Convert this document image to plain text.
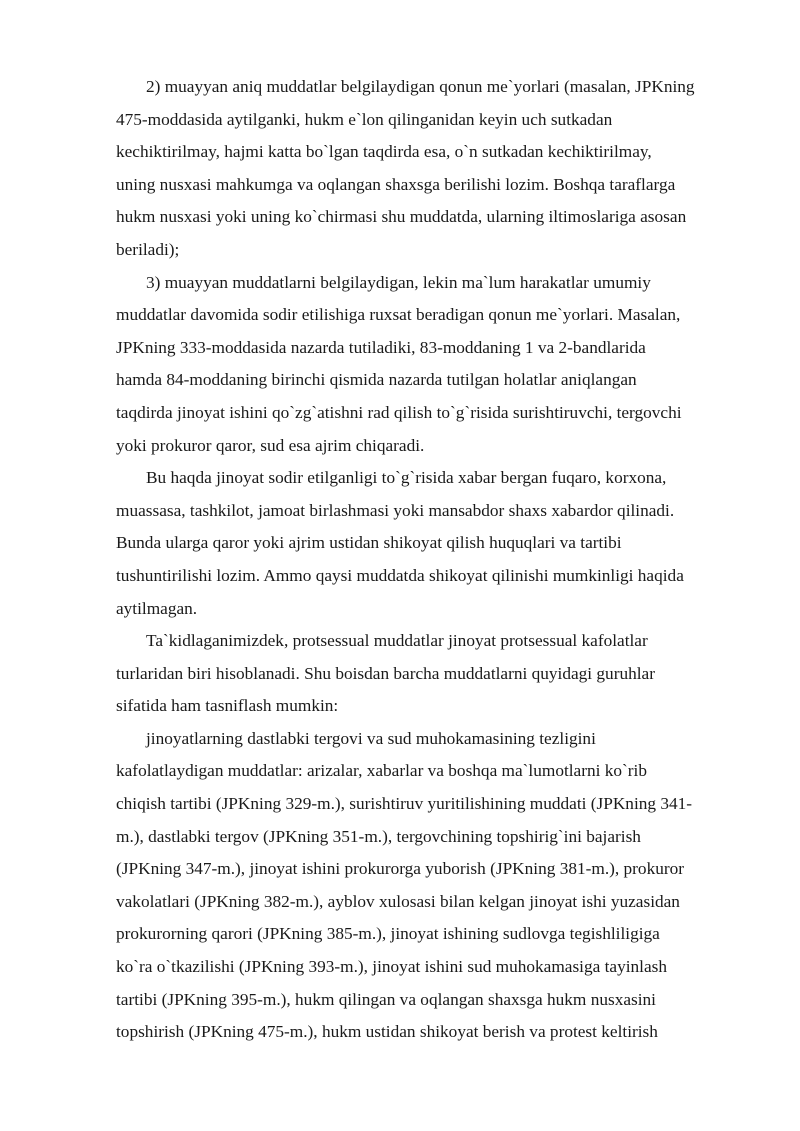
2) muayyan aniq muddatlar belgilaydigan qonun me`yorlari (masalan, JPKning
475-moddasida aytilganki, hukm e`lon qilinganidan keyin uch sutkadan
kechiktirilmay, hajmi katta bo`lgan taqdirda esa, o`n sutkadan kechiktirilmay,
uning nusxasi mahkumga va oqlangan shaxsga berilishi lozim. Boshqa taraflarga
hukm nusxasi yoki uning ko`chirmasi shu muddatda, ularning iltimoslariga asosan
beriladi);
3) muayyan muddatlarni belgilaydigan, lekin ma`lum harakatlar umumiy
muddatlar davomida sodir etilishiga ruxsat beradigan qonun me`yorlari. Masalan,
JPKning 333-moddasida nazarda tutiladiki, 83-moddaning 1 va 2-bandlarida
hamda 84-moddaning birinchi qismida nazarda tutilgan holatlar aniqlangan
taqdirda jinoyat ishini qo`zg`atishni rad qilish to`g`risida surishtiruvchi, tergovchi
yoki prokuror qaror, sud esa ajrim chiqaradi.
Bu haqda jinoyat sodir etilganligi to`g`risida xabar bergan fuqaro, korxona,
muassasa, tashkilot, jamoat birlashmasi yoki mansabdor shaxs xabardor qilinadi.
Bunda ularga qaror yoki ajrim ustidan shikoyat qilish huquqlari va tartibi
tushuntirilishi lozim. Ammo qaysi muddatda shikoyat qilinishi mumkinligi haqida
aytilmagan.
Ta`kidlaganimizdek, protsessual muddatlar jinoyat protsessual kafolatlar
turlaridan biri hisoblanadi. Shu boisdan barcha muddatlarni quyidagi guruhlar
sifatida ham tasniflash mumkin:
jinoyatlarning dastlabki tergovi va sud muhokamasining tezligini
kafolatlaydigan muddatlar: arizalar, xabarlar va boshqa ma`lumotlarni ko`rib
chiqish tartibi (JPKning 329-m.), surishtiruv yuritilishining muddati (JPKning 341-
m.), dastlabki tergov (JPKning 351-m.), tergovchining topshirig`ini bajarish
(JPKning 347-m.), jinoyat ishini prokurorga yuborish (JPKning 381-m.), prokuror
vakolatlari (JPKning 382-m.), ayblov xulosasi bilan kelgan jinoyat ishi yuzasidan
prokurorning qarori (JPKning 385-m.), jinoyat ishining sudlovga tegishliligiga
ko`ra o`tkazilishi (JPKning 393-m.), jinoyat ishini sud muhokamasiga tayinlash
tartibi (JPKning 395-m.), hukm qilingan va oqlangan shaxsga hukm nusxasini
topshirish (JPKning 475-m.), hukm ustidan shikoyat berish va protest keltirish
